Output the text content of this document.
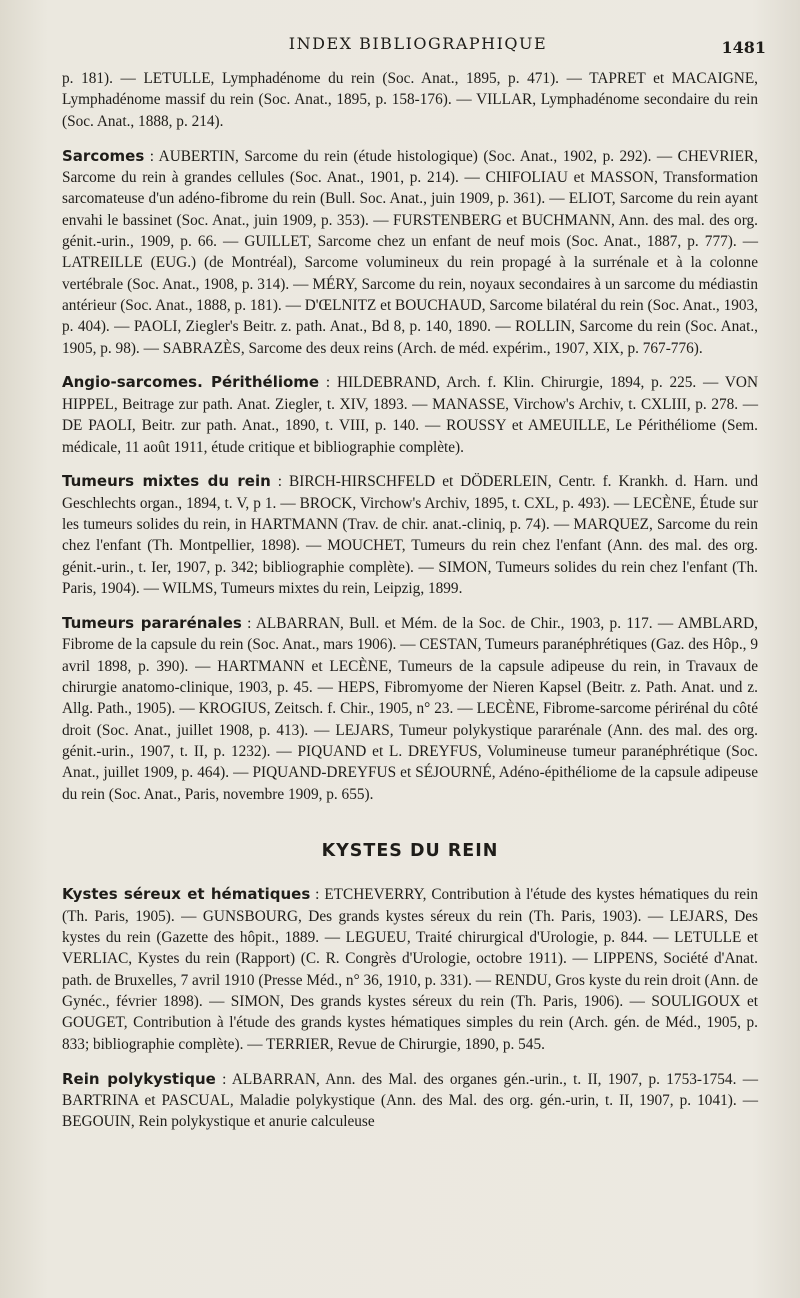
INDEX BIBLIOGRAPHIQUE	1481

p. 181). — LETULLE, Lymphadénome du rein (Soc. Anat., 1895, p. 471). — TAPRET et MACAIGNE, Lymphadénome massif du rein (Soc. Anat., 1895, p. 158-176). — VILLAR, Lymphadénome secondaire du rein (Soc. Anat., 1888, p. 214).

Sarcomes : AUBERTIN, Sarcome du rein (étude histologique) (Soc. Anat., 1902, p. 292). — CHEVRIER, Sarcome du rein à grandes cellules (Soc. Anat., 1901, p. 214). — CHIFOLIAU et MASSON, Transformation sarcomateuse d'un adéno-fibrome du rein (Bull. Soc. Anat., juin 1909, p. 361). — ELIOT, Sarcome du rein ayant envahi le bassinet (Soc. Anat., juin 1909, p. 353). — FURSTENBERG et BUCHMANN, Ann. des mal. des org. génit.-urin., 1909, p. 66. — GUILLET, Sarcome chez un enfant de neuf mois (Soc. Anat., 1887, p. 777). — LATREILLE (EUG.) (de Montréal), Sarcome volumineux du rein propagé à la surrénale et à la colonne vertébrale (Soc. Anat., 1908, p. 314). — MÉRY, Sarcome du rein, noyaux secondaires à un sarcome du médiastin antérieur (Soc. Anat., 1888, p. 181). — D'ŒLNITZ et BOUCHAUD, Sarcome bilatéral du rein (Soc. Anat., 1903, p. 404). — PAOLI, Ziegler's Beitr. z. path. Anat., Bd 8, p. 140, 1890. — ROLLIN, Sarcome du rein (Soc. Anat., 1905, p. 98). — SABRAZÈS, Sarcome des deux reins (Arch. de méd. expérim., 1907, XIX, p. 767-776).

Angio-sarcomes. Périthéliome : HILDEBRAND, Arch. f. Klin. Chirurgie, 1894, p. 225. — VON HIPPEL, Beitrage zur path. Anat. Ziegler, t. XIV, 1893. — MANASSE, Virchow's Archiv, t. CXLIII, p. 278. — DE PAOLI, Beitr. zur path. Anat., 1890, t. VIII, p. 140. — ROUSSY et AMEUILLE, Le Périthéliome (Sem. médicale, 11 août 1911, étude critique et bibliographie complète).

Tumeurs mixtes du rein : BIRCH-HIRSCHFELD et DÖDERLEIN, Centr. f. Krankh. d. Harn. und Geschlechts organ., 1894, t. V, p 1. — BROCK, Virchow's Archiv, 1895, t. CXL, p. 493). — LECÈNE, Étude sur les tumeurs solides du rein, in HARTMANN (Trav. de chir. anat.-cliniq, p. 74). — MARQUEZ, Sarcome du rein chez l'enfant (Th. Montpellier, 1898). — MOUCHET, Tumeurs du rein chez l'enfant (Ann. des mal. des org. génit.-urin., t. Ier, 1907, p. 342; bibliographie complète). — SIMON, Tumeurs solides du rein chez l'enfant (Th. Paris, 1904). — WILMS, Tumeurs mixtes du rein, Leipzig, 1899.

Tumeurs pararénales : ALBARRAN, Bull. et Mém. de la Soc. de Chir., 1903, p. 117. — AMBLARD, Fibrome de la capsule du rein (Soc. Anat., mars 1906). — CESTAN, Tumeurs paranéphrétiques (Gaz. des Hôp., 9 avril 1898, p. 390). — HARTMANN et LECÈNE, Tumeurs de la capsule adipeuse du rein, in Travaux de chirurgie anatomo-clinique, 1903, p. 45. — HEPS, Fibromyome der Nieren Kapsel (Beitr. z. Path. Anat. und z. Allg. Path., 1905). — KROGIUS, Zeitsch. f. Chir., 1905, n° 23. — LECÈNE, Fibrome-sarcome périrénal du côté droit (Soc. Anat., juillet 1908, p. 413). — LEJARS, Tumeur polykystique pararénale (Ann. des mal. des org. génit.-urin., 1907, t. II, p. 1232). — PIQUAND et L. DREYFUS, Volumineuse tumeur paranéphrétique (Soc. Anat., juillet 1909, p. 464). — PIQUAND-DREYFUS et SÉJOURNÉ, Adéno-épithéliome de la capsule adipeuse du rein (Soc. Anat., Paris, novembre 1909, p. 655).

KYSTES DU REIN

Kystes séreux et hématiques : ETCHEVERRY, Contribution à l'étude des kystes hématiques du rein (Th. Paris, 1905). — GUNSBOURG, Des grands kystes séreux du rein (Th. Paris, 1903). — LEJARS, Des kystes du rein (Gazette des hôpit., 1889. — LEGUEU, Traité chirurgical d'Urologie, p. 844. — LETULLE et VERLIAC, Kystes du rein (Rapport) (C. R. Congrès d'Urologie, octobre 1911). — LIPPENS, Société d'Anat. path. de Bruxelles, 7 avril 1910 (Presse Méd., n° 36, 1910, p. 331). — RENDU, Gros kyste du rein droit (Ann. de Gynéc., février 1898). — SIMON, Des grands kystes séreux du rein (Th. Paris, 1906). — SOULIGOUX et GOUGET, Contribution à l'étude des grands kystes hématiques simples du rein (Arch. gén. de Méd., 1905, p. 833; bibliographie complète). — TERRIER, Revue de Chirurgie, 1890, p. 545.

Rein polykystique : ALBARRAN, Ann. des Mal. des organes gén.-urin., t. II, 1907, p. 1753-1754. — BARTRINA et PASCUAL, Maladie polykystique (Ann. des Mal. des org. gén.-urin, t. II, 1907, p. 1041). — BEGOUIN, Rein polykystique et anurie calculeuse
